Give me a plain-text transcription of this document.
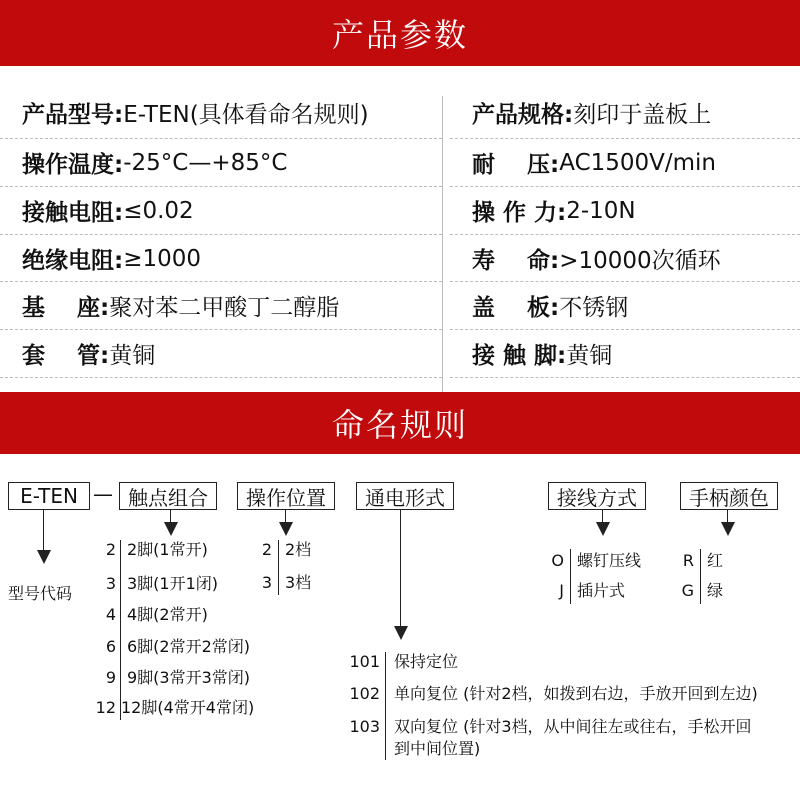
产品参数
产品型号: E-TEN(具体看命名规则)
操作温度: -25°C—+85°C
接触电阻: ≤0.02
绝缘电阻: ≥1000
基    座: 聚对苯二甲酸丁二醇脂
套    管: 黄铜
产品规格: 刻印于盖板上
耐    压: AC1500V/min
操 作 力: 2-10N
寿    命: >10000次循环
盖    板: 不锈钢
接 触 脚: 黄铜
命名规则
E-TEN —
型号代码
触点组合
2 2脚(1常开)
3 3脚(1开1闭)
4 4脚(2常开)
6 6脚(2常开2常闭)
9 9脚(3常开3常闭)
12 12脚(4常开4常闭)
操作位置
2 2档
3 3档
通电形式
101 保持定位
102 单向复位 (针对2档，如拨到右边，手放开回到左边)
103 双向复位 (针对3档，从中间往左或往右，手松开回
到中间位置)
接线方式
O 螺钉压线
J 插片式
手柄颜色
R 红
G 绿
